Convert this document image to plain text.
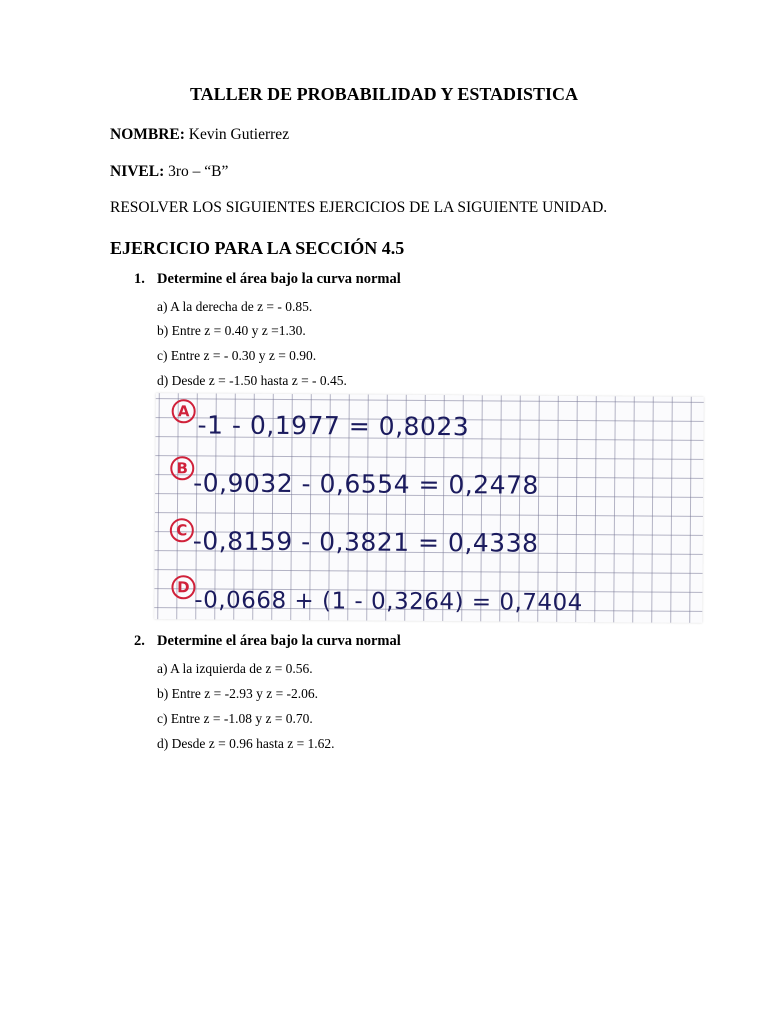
TALLER DE PROBABILIDAD Y ESTADISTICA
NOMBRE: Kevin Gutierrez
NIVEL: 3ro – “B”
RESOLVER LOS SIGUIENTES EJERCICIOS DE LA SIGUIENTE UNIDAD.
EJERCICIO PARA LA SECCIÓN 4.5
1. Determine el área bajo la curva normal
a) A la derecha de z = - 0.85.
b) Entre z = 0.40 y z =1.30.
c) Entre z = - 0.30 y z = 0.90.
d) Desde z = -1.50 hasta z = - 0.45.
A -1 - 0,1977 = 0,8023
B
-0,9032 - 0,6554 = 0,2478
C -0,8159 - 0,3821 = 0,4338
D
-0,0668 + (1 - 0,3264) = 0,7404
2. Determine el área bajo la curva normal
a) A la izquierda de z = 0.56.
b) Entre z = -2.93 y z = -2.06.
c) Entre z = -1.08 y z = 0.70.
d) Desde z = 0.96 hasta z = 1.62.
